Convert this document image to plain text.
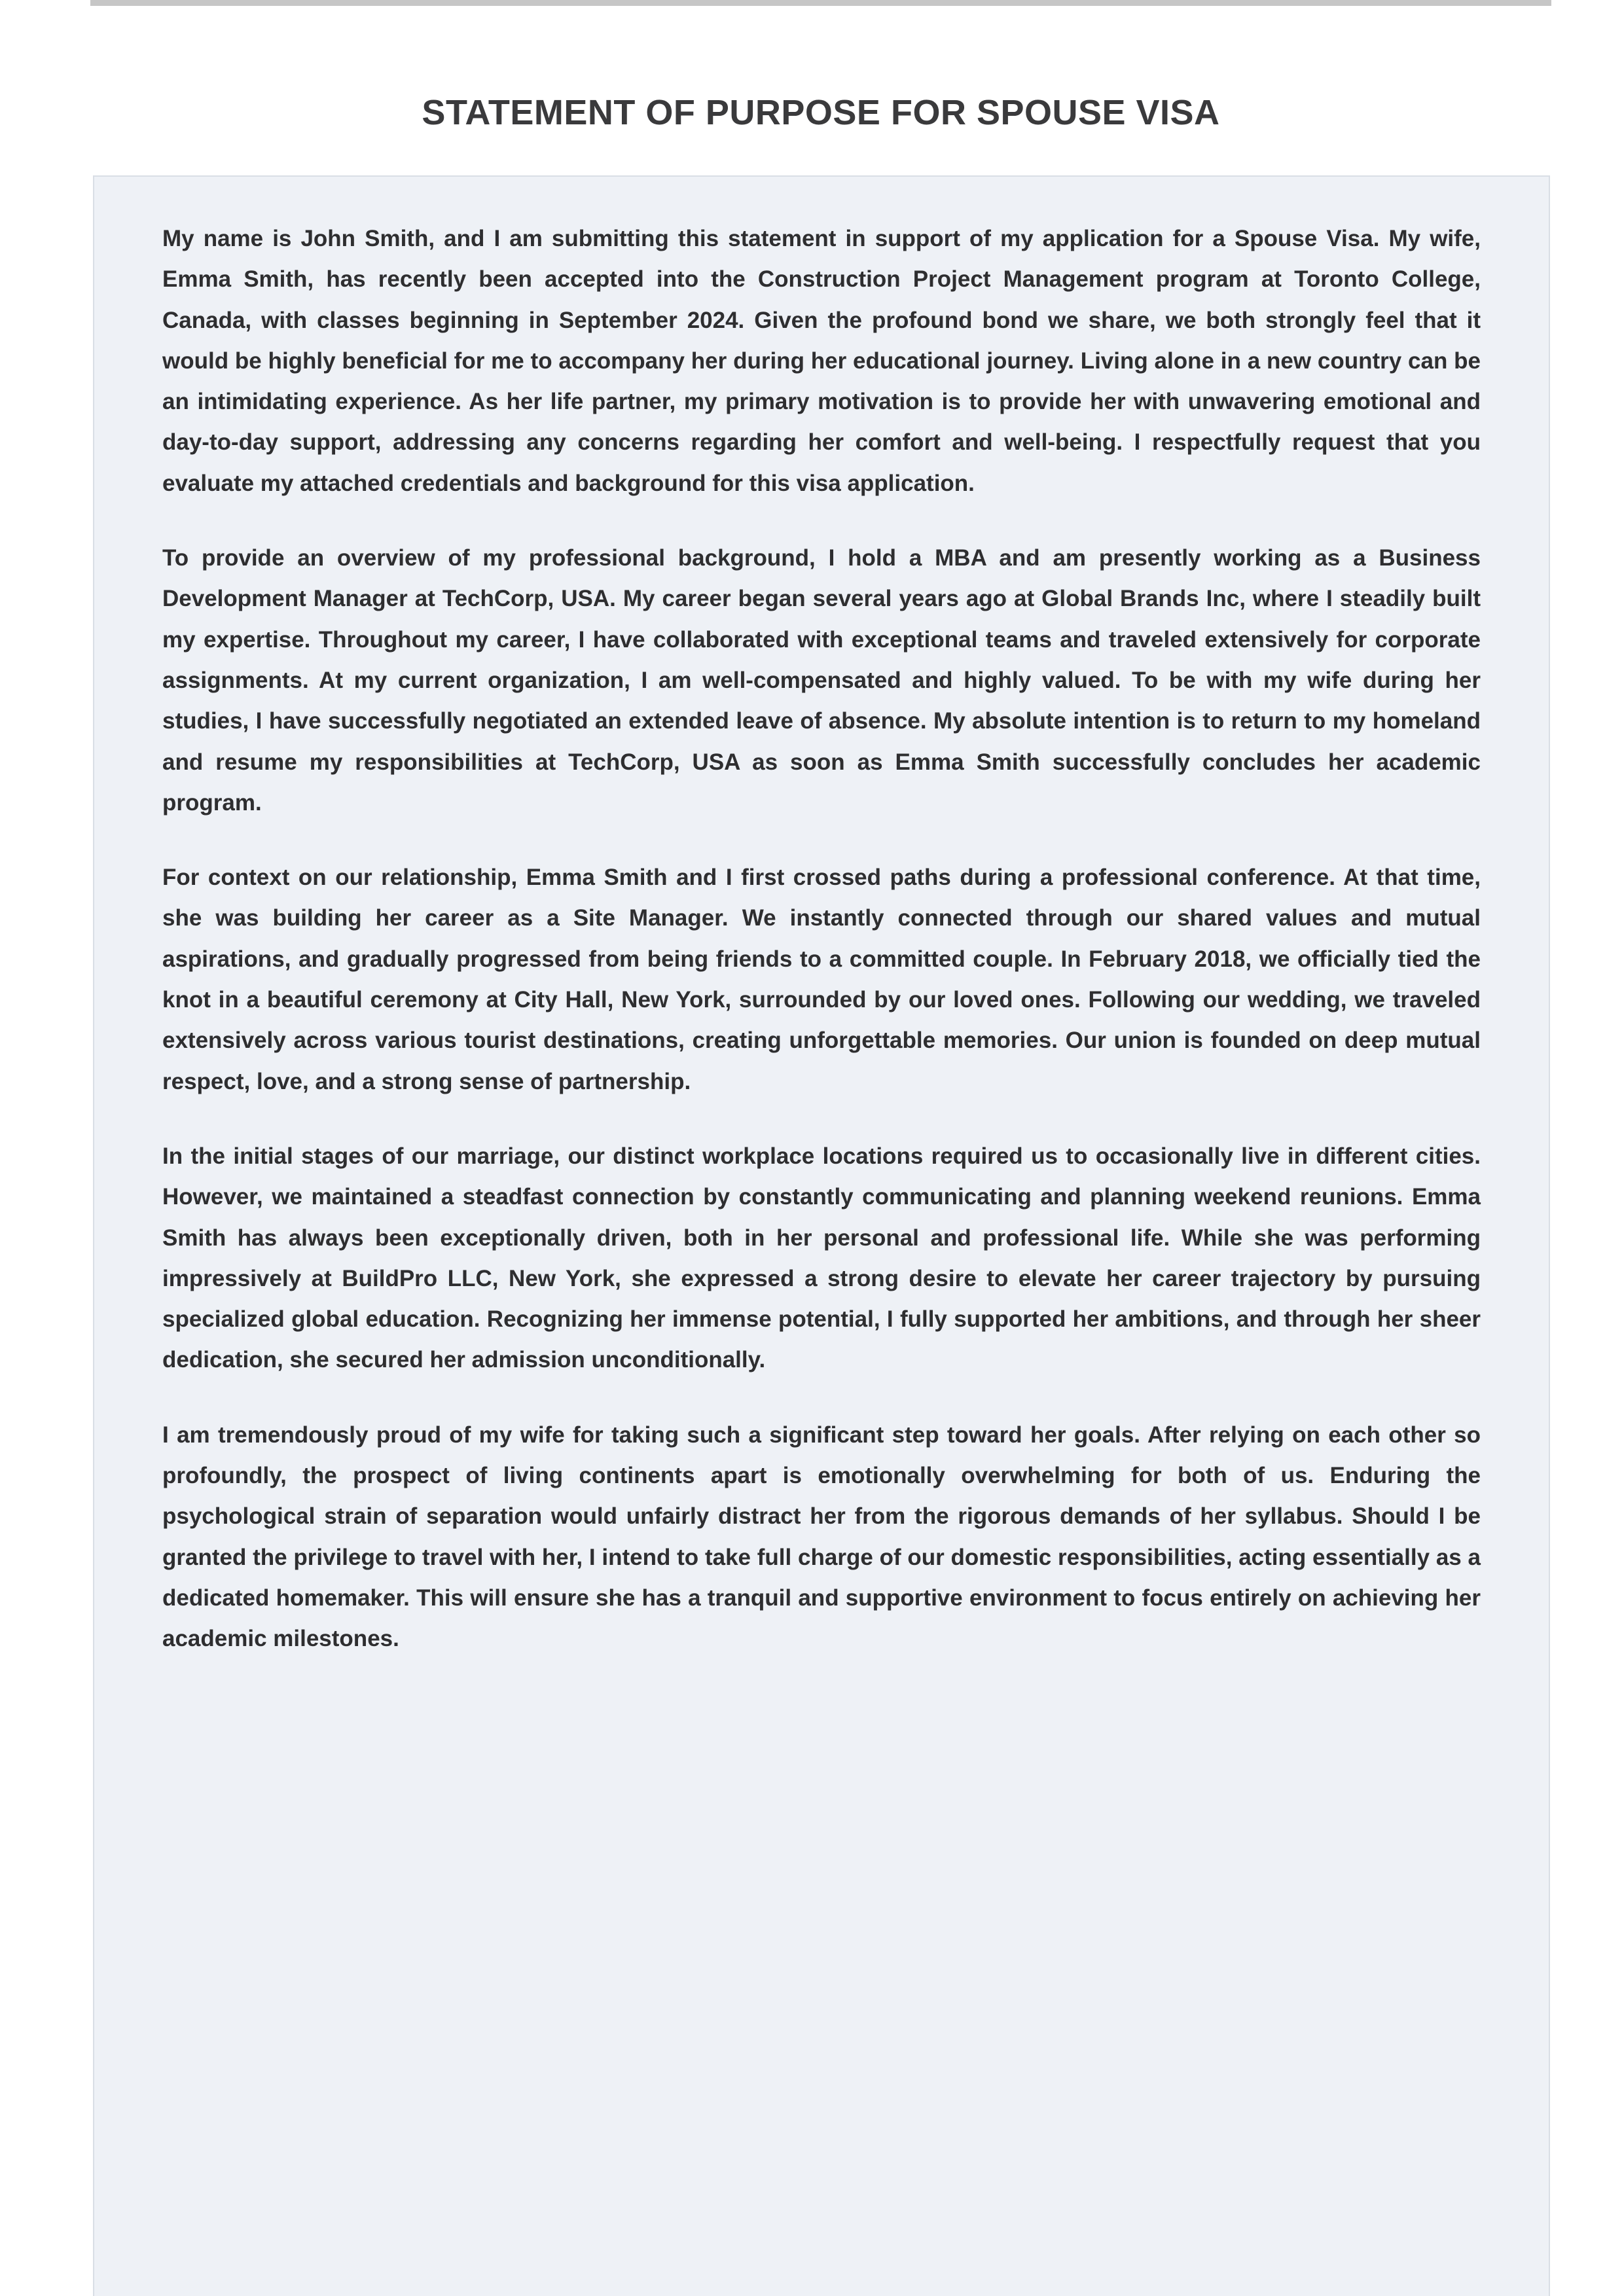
STATEMENT OF PURPOSE FOR SPOUSE VISA

My name is John Smith, and I am submitting this statement in support of my application for a Spouse Visa. My wife, Emma Smith, has recently been accepted into the Construction Project Management program at Toronto College, Canada, with classes beginning in September 2024. Given the profound bond we share, we both strongly feel that it would be highly beneficial for me to accompany her during her educational journey. Living alone in a new country can be an intimidating experience. As her life partner, my primary motivation is to provide her with unwavering emotional and day-to-day support, addressing any concerns regarding her comfort and well-being. I respectfully request that you evaluate my attached credentials and background for this visa application.

To provide an overview of my professional background, I hold a MBA and am presently working as a Business Development Manager at TechCorp, USA. My career began several years ago at Global Brands Inc, where I steadily built my expertise. Throughout my career, I have collaborated with exceptional teams and traveled extensively for corporate assignments. At my current organization, I am well-compensated and highly valued. To be with my wife during her studies, I have successfully negotiated an extended leave of absence. My absolute intention is to return to my homeland and resume my responsibilities at TechCorp, USA as soon as Emma Smith successfully concludes her academic program.

For context on our relationship, Emma Smith and I first crossed paths during a professional conference. At that time, she was building her career as a Site Manager. We instantly connected through our shared values and mutual aspirations, and gradually progressed from being friends to a committed couple. In February 2018, we officially tied the knot in a beautiful ceremony at City Hall, New York, surrounded by our loved ones. Following our wedding, we traveled extensively across various tourist destinations, creating unforgettable memories. Our union is founded on deep mutual respect, love, and a strong sense of partnership.

In the initial stages of our marriage, our distinct workplace locations required us to occasionally live in different cities. However, we maintained a steadfast connection by constantly communicating and planning weekend reunions. Emma Smith has always been exceptionally driven, both in her personal and professional life. While she was performing impressively at BuildPro LLC, New York, she expressed a strong desire to elevate her career trajectory by pursuing specialized global education. Recognizing her immense potential, I fully supported her ambitions, and through her sheer dedication, she secured her admission unconditionally.

I am tremendously proud of my wife for taking such a significant step toward her goals. After relying on each other so profoundly, the prospect of living continents apart is emotionally overwhelming for both of us. Enduring the psychological strain of separation would unfairly distract her from the rigorous demands of her syllabus. Should I be granted the privilege to travel with her, I intend to take full charge of our domestic responsibilities, acting essentially as a dedicated homemaker. This will ensure she has a tranquil and supportive environment to focus entirely on achieving her academic milestones.
